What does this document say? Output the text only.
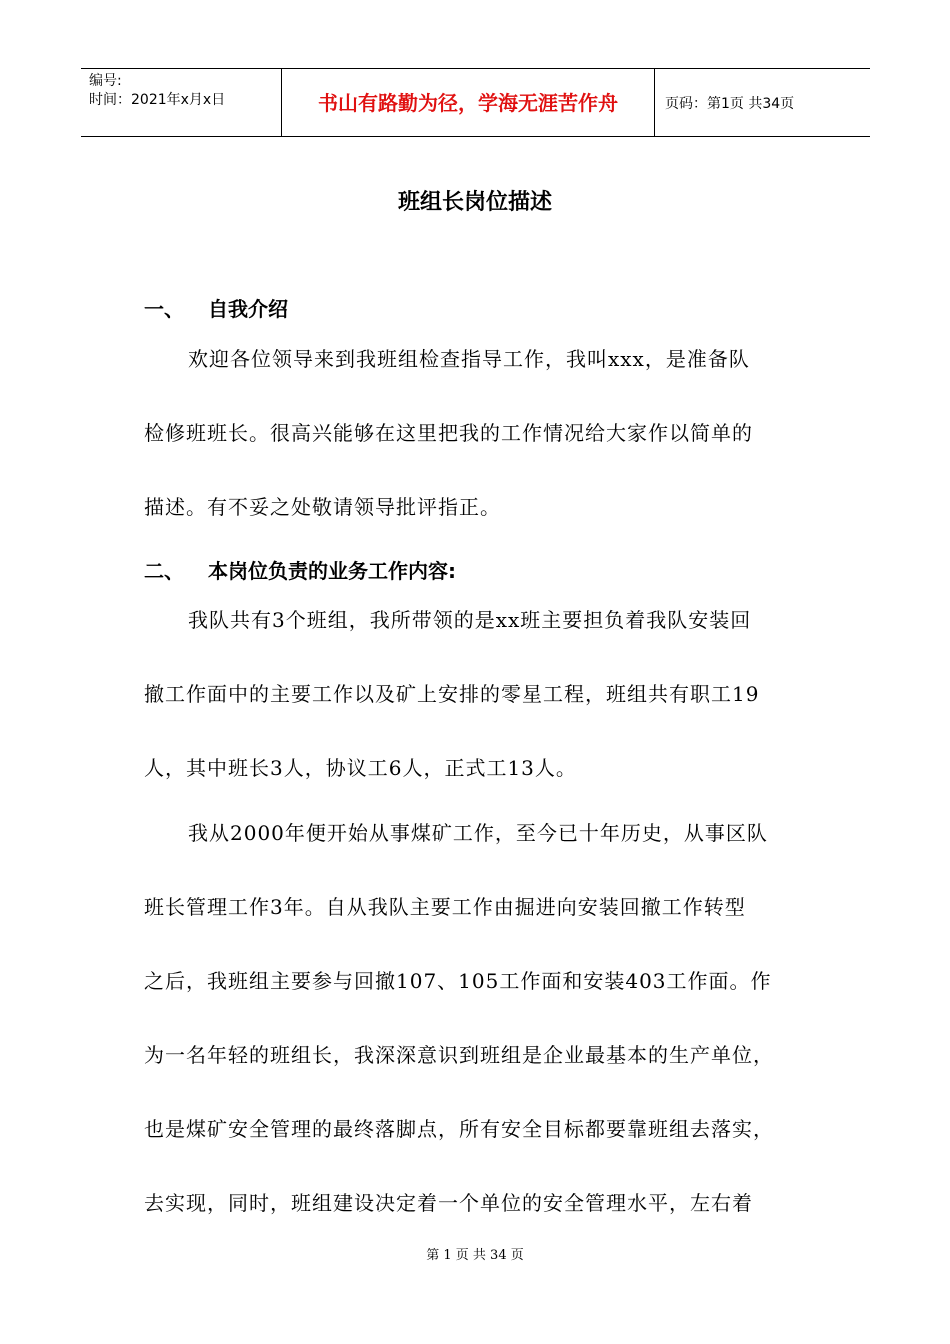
编号:
时间：2021年x月x日	书山有路勤为径，学海无涯苦作舟	页码：第1页 共34页
班组长岗位描述
一、 自我介绍
欢迎各位领导来到我班组检查指导工作，我叫xxx，是准备队
检修班班长。很高兴能够在这里把我的工作情况给大家作以简单的
描述。有不妥之处敬请领导批评指正。
二、 本岗位负责的业务工作内容:
我队共有3个班组，我所带领的是xx班主要担负着我队安装回
撤工作面中的主要工作以及矿上安排的零星工程，班组共有职工19
人，其中班长3人，协议工6人，正式工13人。
我从2000年便开始从事煤矿工作，至今已十年历史，从事区队
班长管理工作3年。自从我队主要工作由掘进向安装回撤工作转型
之后，我班组主要参与回撤107、105工作面和安装403工作面。作
为一名年轻的班组长，我深深意识到班组是企业最基本的生产单位，
也是煤矿安全管理的最终落脚点，所有安全目标都要靠班组去落实，
去实现，同时，班组建设决定着一个单位的安全管理水平，左右着
第 1 页 共 34 页
